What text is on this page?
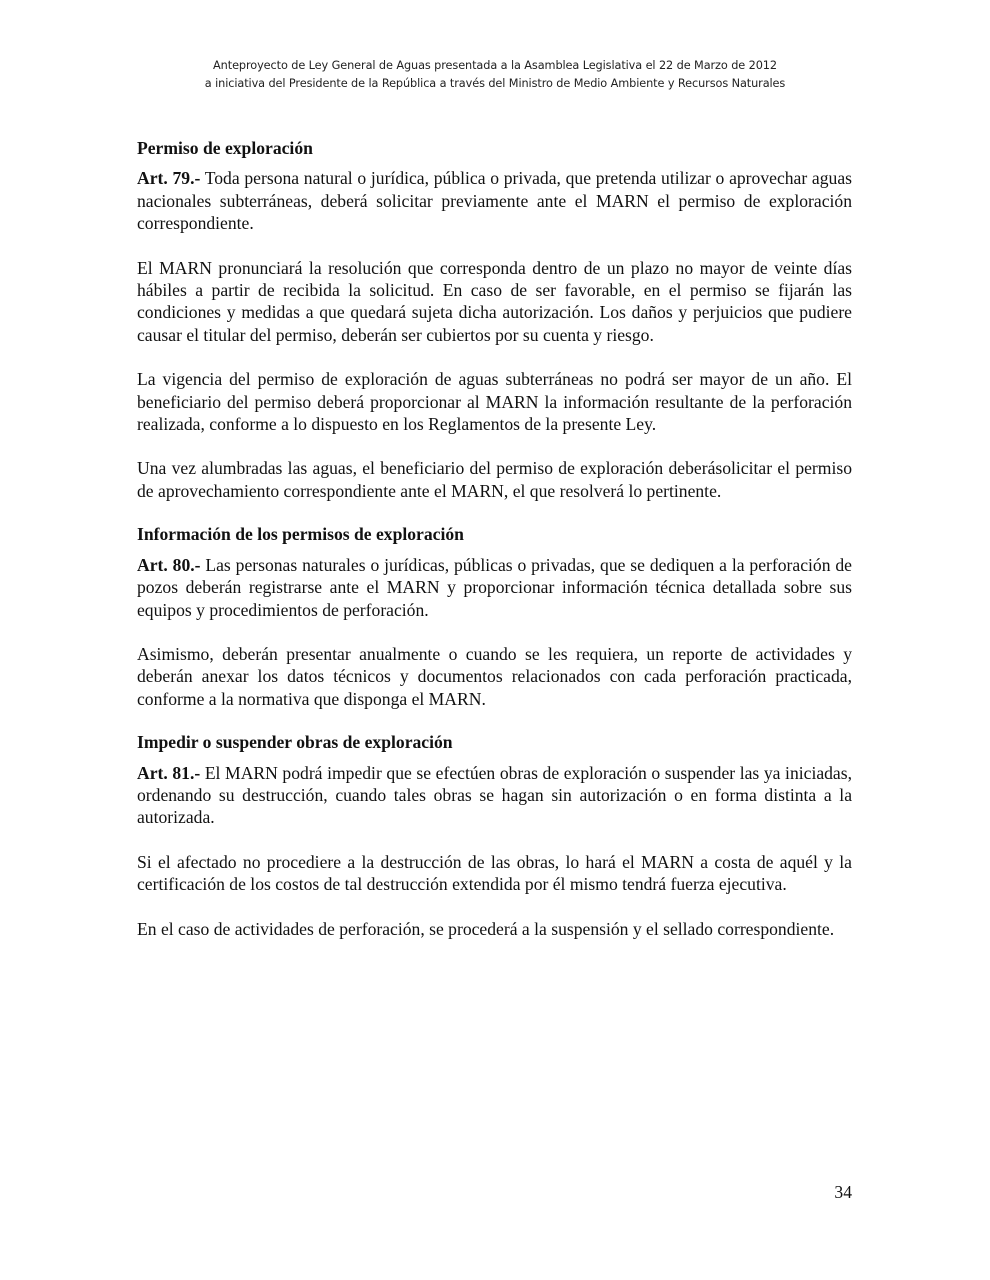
Anteproyecto de Ley General de Aguas presentada a la Asamblea Legislativa el 22 de Marzo de 2012
a iniciativa del Presidente de la República a través del Ministro de Medio Ambiente y Recursos Naturales
Permiso de exploración

Art. 79.- Toda persona natural o jurídica, pública o privada, que pretenda utilizar o aprovechar aguas nacionales subterráneas, deberá solicitar previamente ante el MARN el permiso de exploración correspondiente.

El MARN pronunciará la resolución que corresponda dentro de un plazo no mayor de veinte días hábiles a partir de recibida la solicitud. En caso de ser favorable, en el permiso se fijarán las condiciones y medidas a que quedará sujeta dicha autorización. Los daños y perjuicios que pudiere causar el titular del permiso, deberán ser cubiertos por su cuenta y riesgo.

La vigencia del permiso de exploración de aguas subterráneas no podrá ser mayor de un año. El beneficiario del permiso deberá proporcionar al MARN la información resultante de la perforación realizada, conforme a lo dispuesto en los Reglamentos de la presente Ley.

Una vez alumbradas las aguas, el beneficiario del permiso de exploración deberásolicitar el permiso de aprovechamiento correspondiente ante el MARN, el que resolverá lo pertinente.

Información de los permisos de exploración

Art. 80.- Las personas naturales o jurídicas, públicas o privadas, que se dediquen a la perforación de pozos deberán registrarse ante el MARN y proporcionar información técnica detallada sobre sus equipos y procedimientos de perforación.

Asimismo, deberán presentar anualmente o cuando se les requiera, un reporte de actividades y deberán anexar los datos técnicos y documentos relacionados con cada perforación practicada, conforme a la normativa que disponga el MARN.

Impedir o suspender obras de exploración

Art. 81.- El MARN podrá impedir que se efectúen obras de exploración o suspender las ya iniciadas, ordenando su destrucción, cuando tales obras se hagan sin autorización o en forma distinta a la autorizada.

Si el afectado no procediere a la destrucción de las obras, lo hará el MARN a costa de aquél y la certificación de los costos de tal destrucción extendida por él mismo tendrá fuerza ejecutiva.

En el caso de actividades de perforación, se procederá a la suspensión y el sellado correspondiente.

34
